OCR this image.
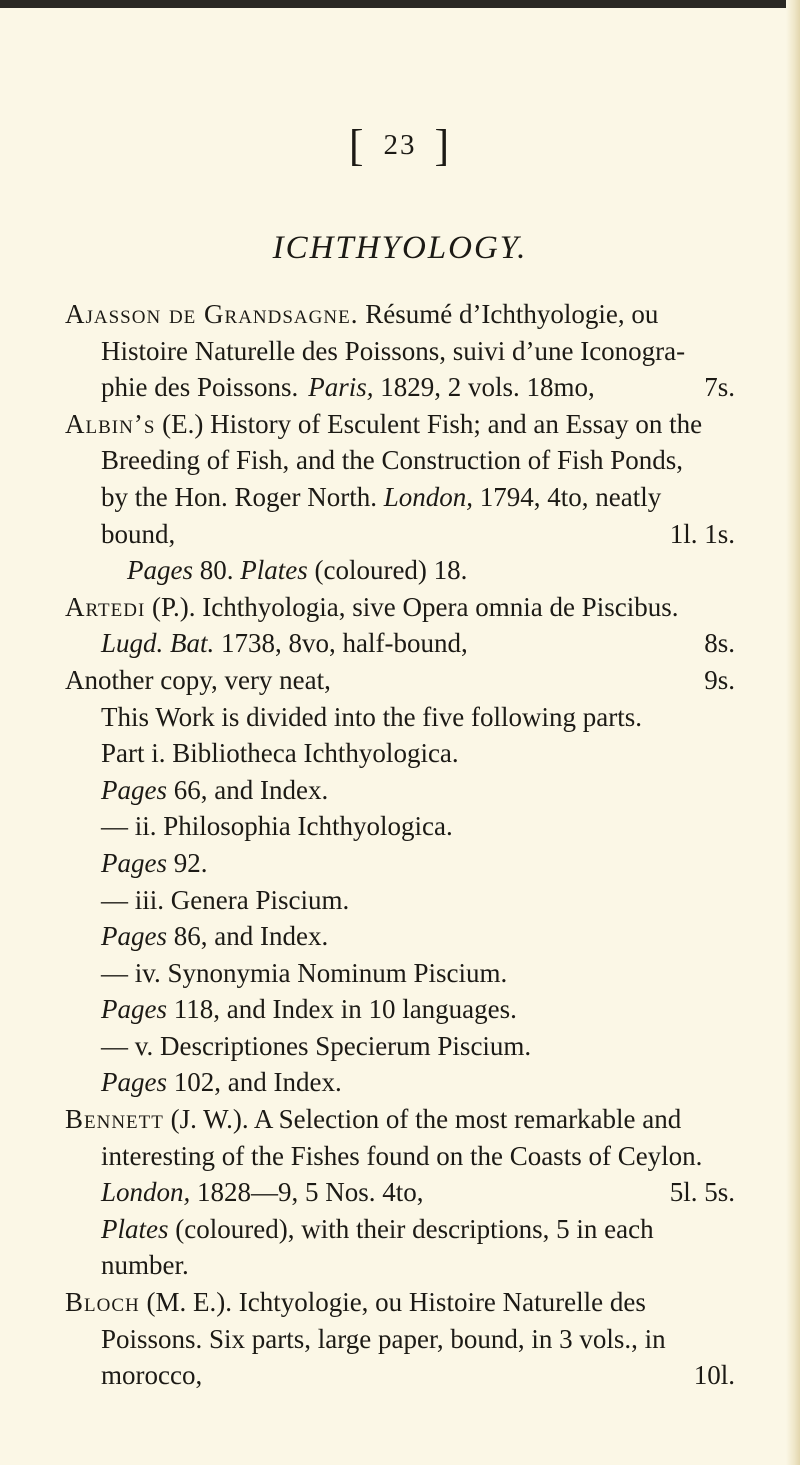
[ 23 ]
ICHTHYOLOGY.
Ajasson de Grandsagne. Résumé d’Ichthyologie, ou
Histoire Naturelle des Poissons, suivi d’une Iconogra-
phie des Poissons. Paris, 1829, 2 vols. 18mo,	7s.
Albin’s (E.) History of Esculent Fish; and an Essay on the
Breeding of Fish, and the Construction of Fish Ponds,
by the Hon. Roger North. London, 1794, 4to, neatly
bound,	1l. 1s.
Pages 80. Plates (coloured) 18.
Artedi (P.). Ichthyologia, sive Opera omnia de Piscibus.
Lugd. Bat. 1738, 8vo, half-bound,	8s.
Another copy, very neat,	9s.
This Work is divided into the five following parts.
Part i. Bibliotheca Ichthyologica.
Pages 66, and Index.
— ii. Philosophia Ichthyologica.
Pages 92.
— iii. Genera Piscium.
Pages 86, and Index.
— iv. Synonymia Nominum Piscium.
Pages 118, and Index in 10 languages.
— v. Descriptiones Specierum Piscium.
Pages 102, and Index.
Bennett (J. W.). A Selection of the most remarkable and
interesting of the Fishes found on the Coasts of Ceylon.
London, 1828—9, 5 Nos. 4to,	5l. 5s.
Plates (coloured), with their descriptions, 5 in each
number.
Bloch (M. E.). Ichtyologie, ou Histoire Naturelle des
Poissons. Six parts, large paper, bound, in 3 vols., in
morocco,	10l.
